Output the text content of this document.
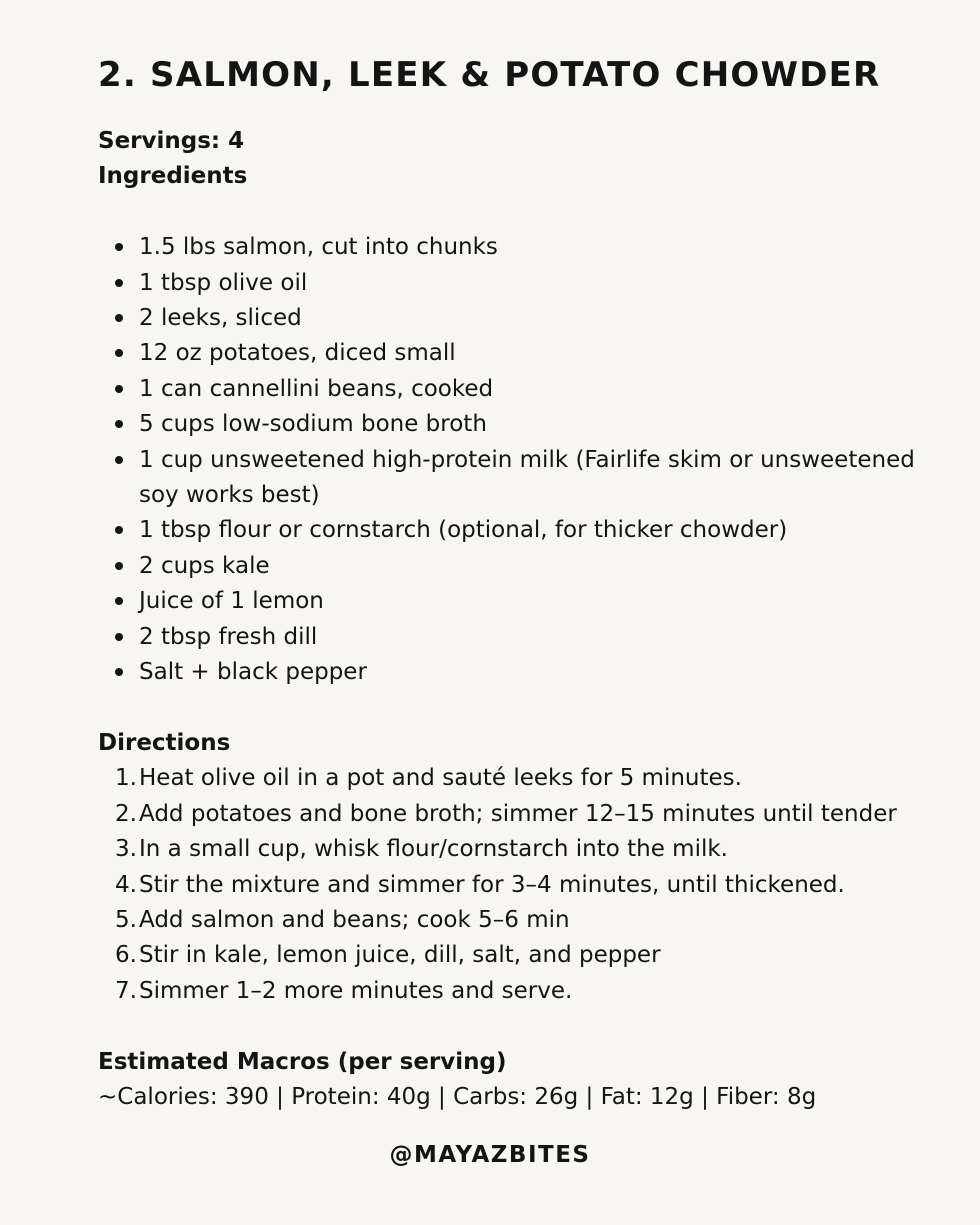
2. SALMON, LEEK & POTATO CHOWDER

Servings: 4

Ingredients

1.5 lbs salmon, cut into chunks
1 tbsp olive oil
2 leeks, sliced
12 oz potatoes, diced small
1 can cannellini beans, cooked
5 cups low-sodium bone broth
1 cup unsweetened high-protein milk (Fairlife skim or unsweetened soy works best)
1 tbsp flour or cornstarch (optional, for thicker chowder)
2 cups kale
Juice of 1 lemon
2 tbsp fresh dill
Salt + black pepper

Directions

1. Heat olive oil in a pot and sauté leeks for 5 minutes.
2. Add potatoes and bone broth; simmer 12–15 minutes until tender
3. In a small cup, whisk flour/cornstarch into the milk.
4. Stir the mixture and simmer for 3–4 minutes, until thickened.
5. Add salmon and beans; cook 5–6 min
6. Stir in kale, lemon juice, dill, salt, and pepper
7. Simmer 1–2 more minutes and serve.

Estimated Macros (per serving)

~Calories: 390 | Protein: 40g | Carbs: 26g | Fat: 12g | Fiber: 8g

@MAYAZBITES
